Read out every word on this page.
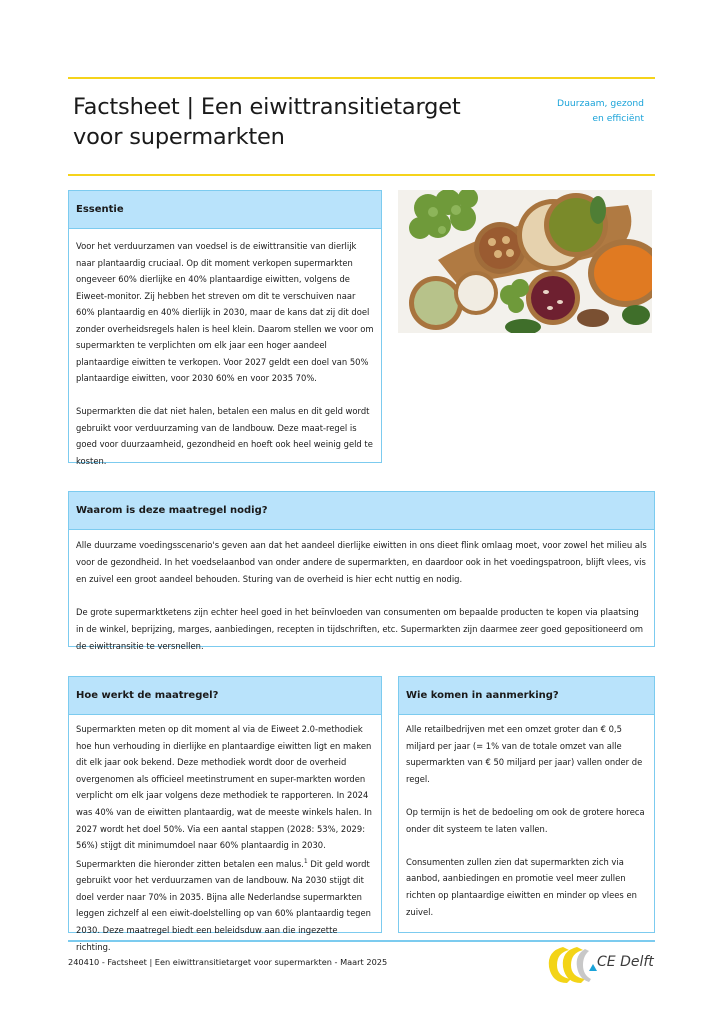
Factsheet | Een eiwittransitietarget
voor supermarkten
Duurzaam, gezond
en efficiënt
Essentie

Voor het verduurzamen van voedsel is de eiwittransitie van dierlijk naar plantaardig cruciaal. Op dit moment verkopen supermarkten ongeveer 60% dierlijke en 40% plantaardige eiwitten, volgens de Eiweet-monitor. Zij hebben het streven om dit te verschuiven naar 60% plantaardig en 40% dierlijk in 2030, maar de kans dat zij dit doel zonder overheidsregels halen is heel klein. Daarom stellen we voor om supermarkten te verplichten om elk jaar een hoger aandeel plantaardige eiwitten te verkopen. Voor 2027 geldt een doel van 50% plantaardige eiwitten, voor 2030 60% en voor 2035 70%.

Supermarkten die dat niet halen, betalen een malus en dit geld wordt gebruikt voor verduurzaming van de landbouw. Deze maat-regel is goed voor duurzaamheid, gezondheid en hoeft ook heel weinig geld te kosten.

Waarom is deze maatregel nodig?

Alle duurzame voedingsscenario's geven aan dat het aandeel dierlijke eiwitten in ons dieet flink omlaag moet, voor zowel het milieu als voor de gezondheid. In het voedselaanbod van onder andere de supermarkten, en daardoor ook in het voedingspatroon, blijft vlees, vis en zuivel een groot aandeel behouden. Sturing van de overheid is hier echt nuttig en nodig.

De grote supermarktketens zijn echter heel goed in het beïnvloeden van consumenten om bepaalde producten te kopen via plaatsing in de winkel, beprijzing, marges, aanbiedingen, recepten in tijdschriften, etc. Supermarkten zijn daarmee zeer goed gepositioneerd om de eiwittransitie te versnellen.

Hoe werkt de maatregel?

Supermarkten meten op dit moment al via de Eiweet 2.0-methodiek hoe hun verhouding in dierlijke en plantaardige eiwitten ligt en maken dit elk jaar ook bekend. Deze methodiek wordt door de overheid overgenomen als officieel meetinstrument en super-markten worden verplicht om elk jaar volgens deze methodiek te rapporteren. In 2024 was 40% van de eiwitten plantaardig, wat de meeste winkels halen. In 2027 wordt het doel 50%. Via een aantal stappen (2028: 53%, 2029: 56%) stijgt dit minimumdoel naar 60% plantaardig in 2030. Supermarkten die hieronder zitten betalen een malus.$^1$ Dit geld wordt gebruikt voor het verduurzamen van de landbouw. Na 2030 stijgt dit doel verder naar 70% in 2035. Bijna alle Nederlandse supermarkten leggen zichzelf al een eiwit-doelstelling op van 60% plantaardig tegen 2030. Deze maatregel biedt een beleidsduw aan die ingezette richting.

Wie komen in aanmerking?

Alle retailbedrijven met een omzet groter dan € 0,5 miljard per jaar (= 1% van de totale omzet van alle supermarkten van € 50 miljard per jaar) vallen onder de regel.

Op termijn is het de bedoeling om ook de grotere horeca onder dit systeem te laten vallen.

Consumenten zullen zien dat supermarkten zich via aanbod, aanbiedingen en promotie veel meer zullen richten op plantaardige eiwitten en minder op vlees en zuivel.

240410 - Factsheet | Een eiwittransitietarget voor supermarkten - Maart 2025	CE Delft
